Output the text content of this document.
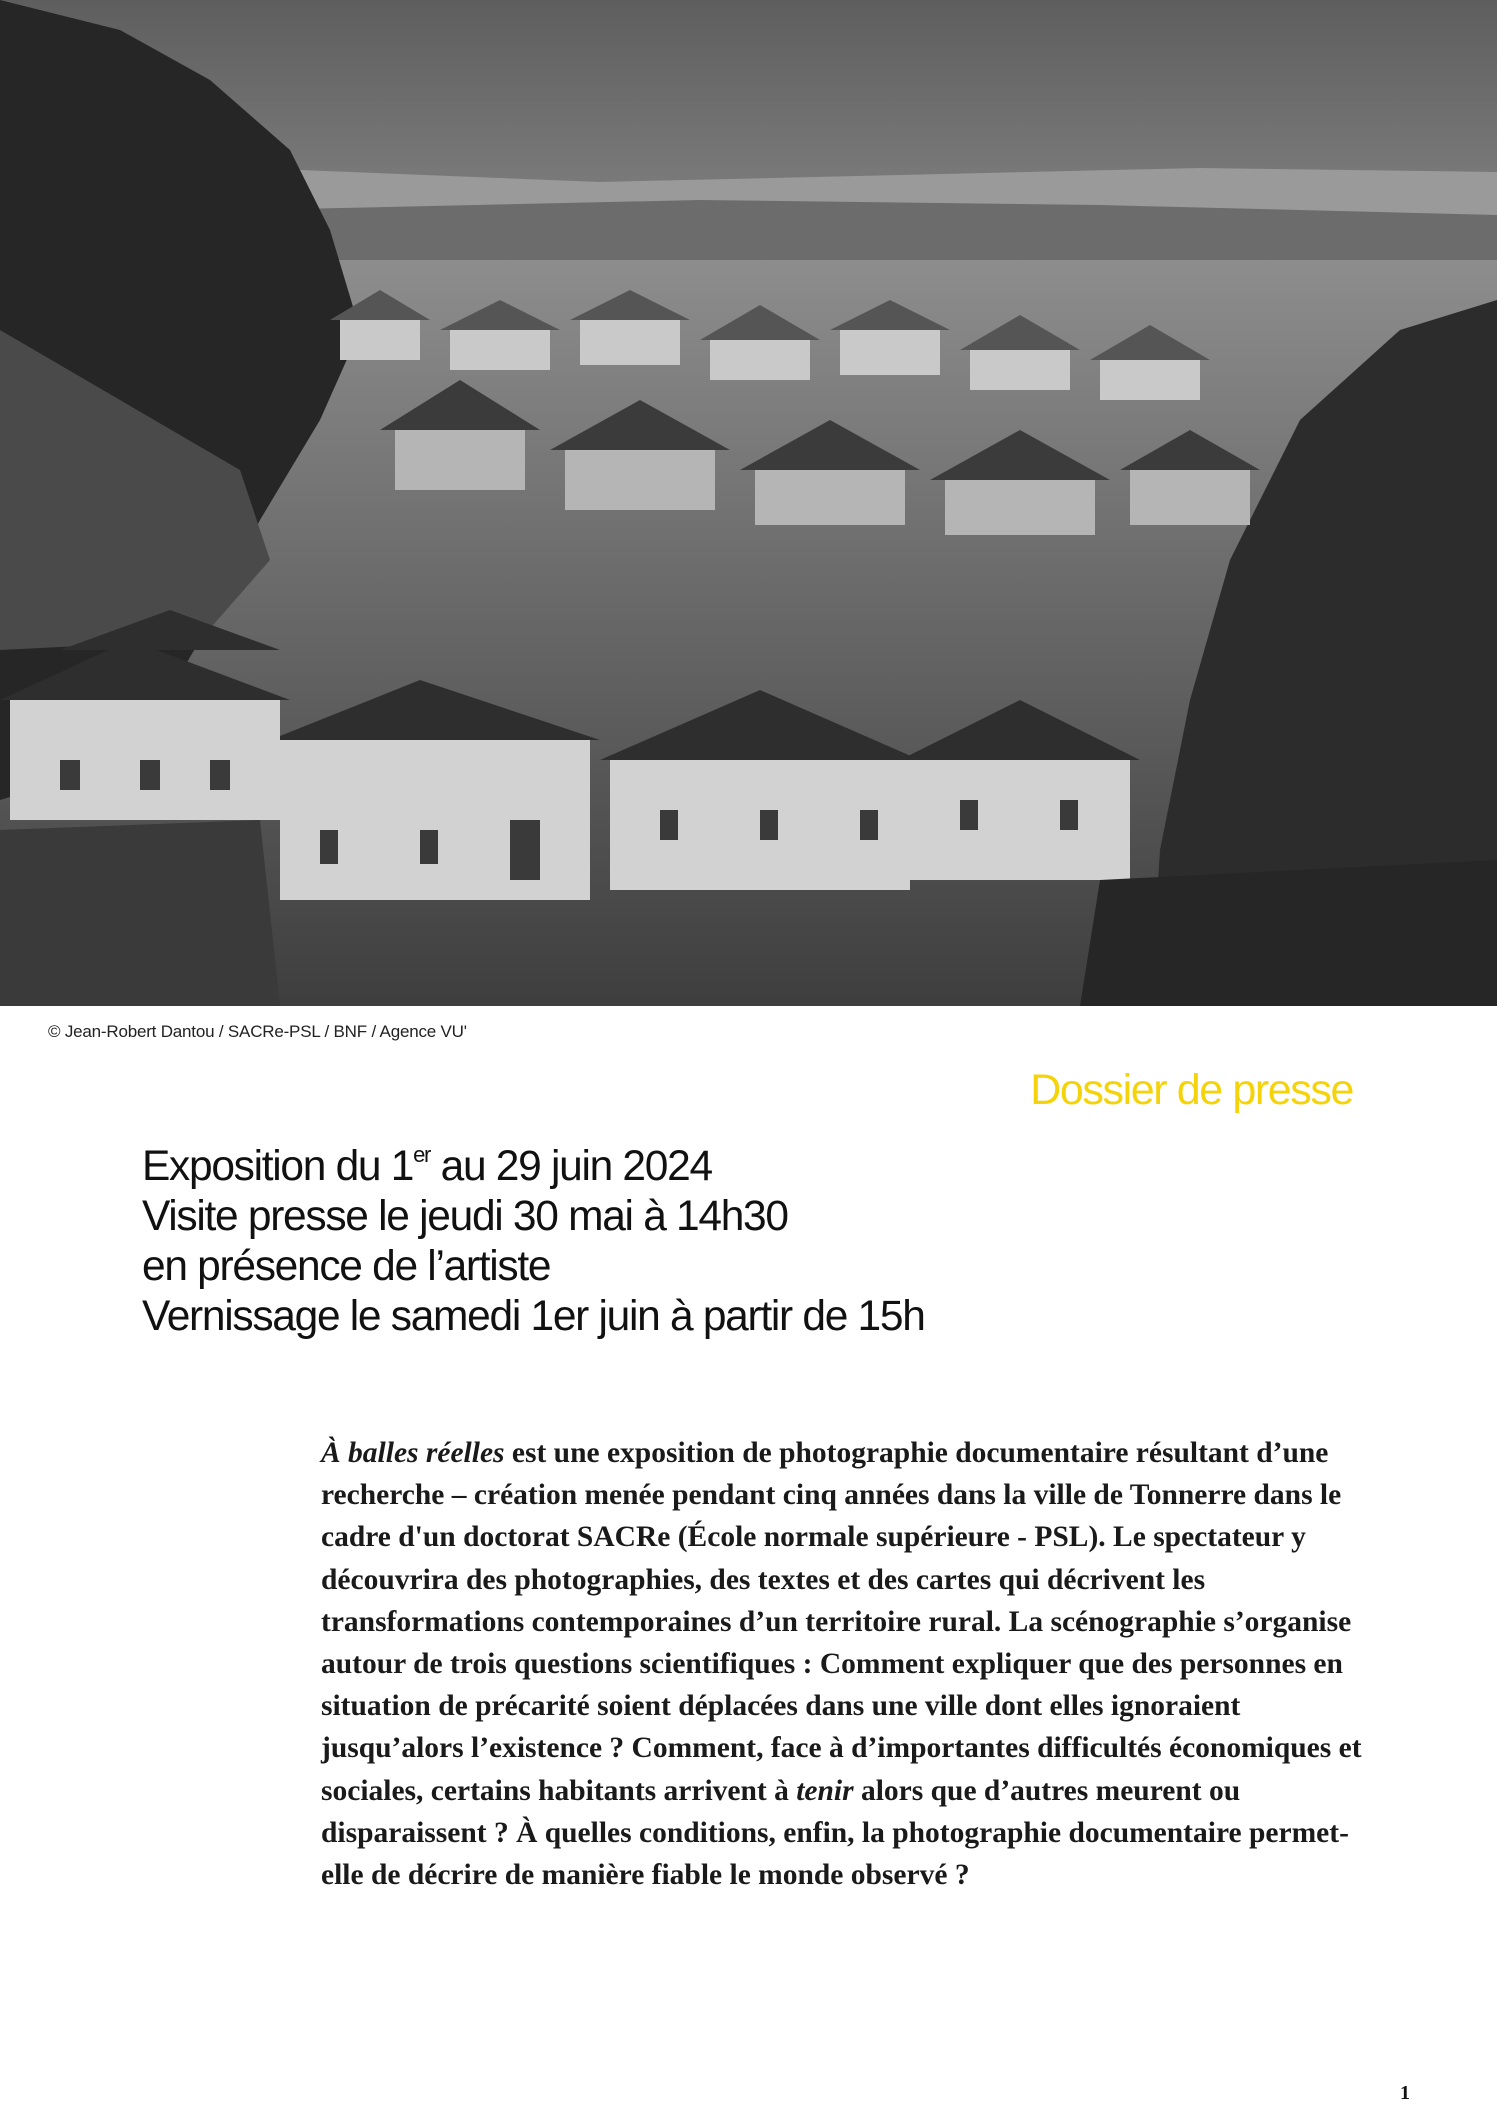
© Jean-Robert Dantou / SACRe-PSL / BNF / Agence VU'
Dossier de presse
Exposition du 1er au 29 juin 2024
Visite presse le jeudi 30 mai à 14h30
en présence de l’artiste
Vernissage le samedi 1er juin à partir de 15h

À balles réelles est une exposition de photographie documentaire résultant d’une recherche – création menée pendant cinq années dans la ville de Tonnerre dans le cadre d'un doctorat SACRe (École normale supérieure - PSL). Le spectateur y découvrira des photographies, des textes et des cartes qui décrivent les transformations contemporaines d’un territoire rural. La scénographie s’organise autour de trois questions scientifiques : Comment expliquer que des personnes en situation de précarité soient déplacées dans une ville dont elles ignoraient jusqu’alors l’existence ? Comment, face à d’importantes difficultés économiques et sociales, certains habitants arrivent à tenir alors que d’autres meurent ou disparaissent ? À quelles conditions, enfin, la photographie documentaire permet-elle de décrire de manière fiable le monde observé ?

1
